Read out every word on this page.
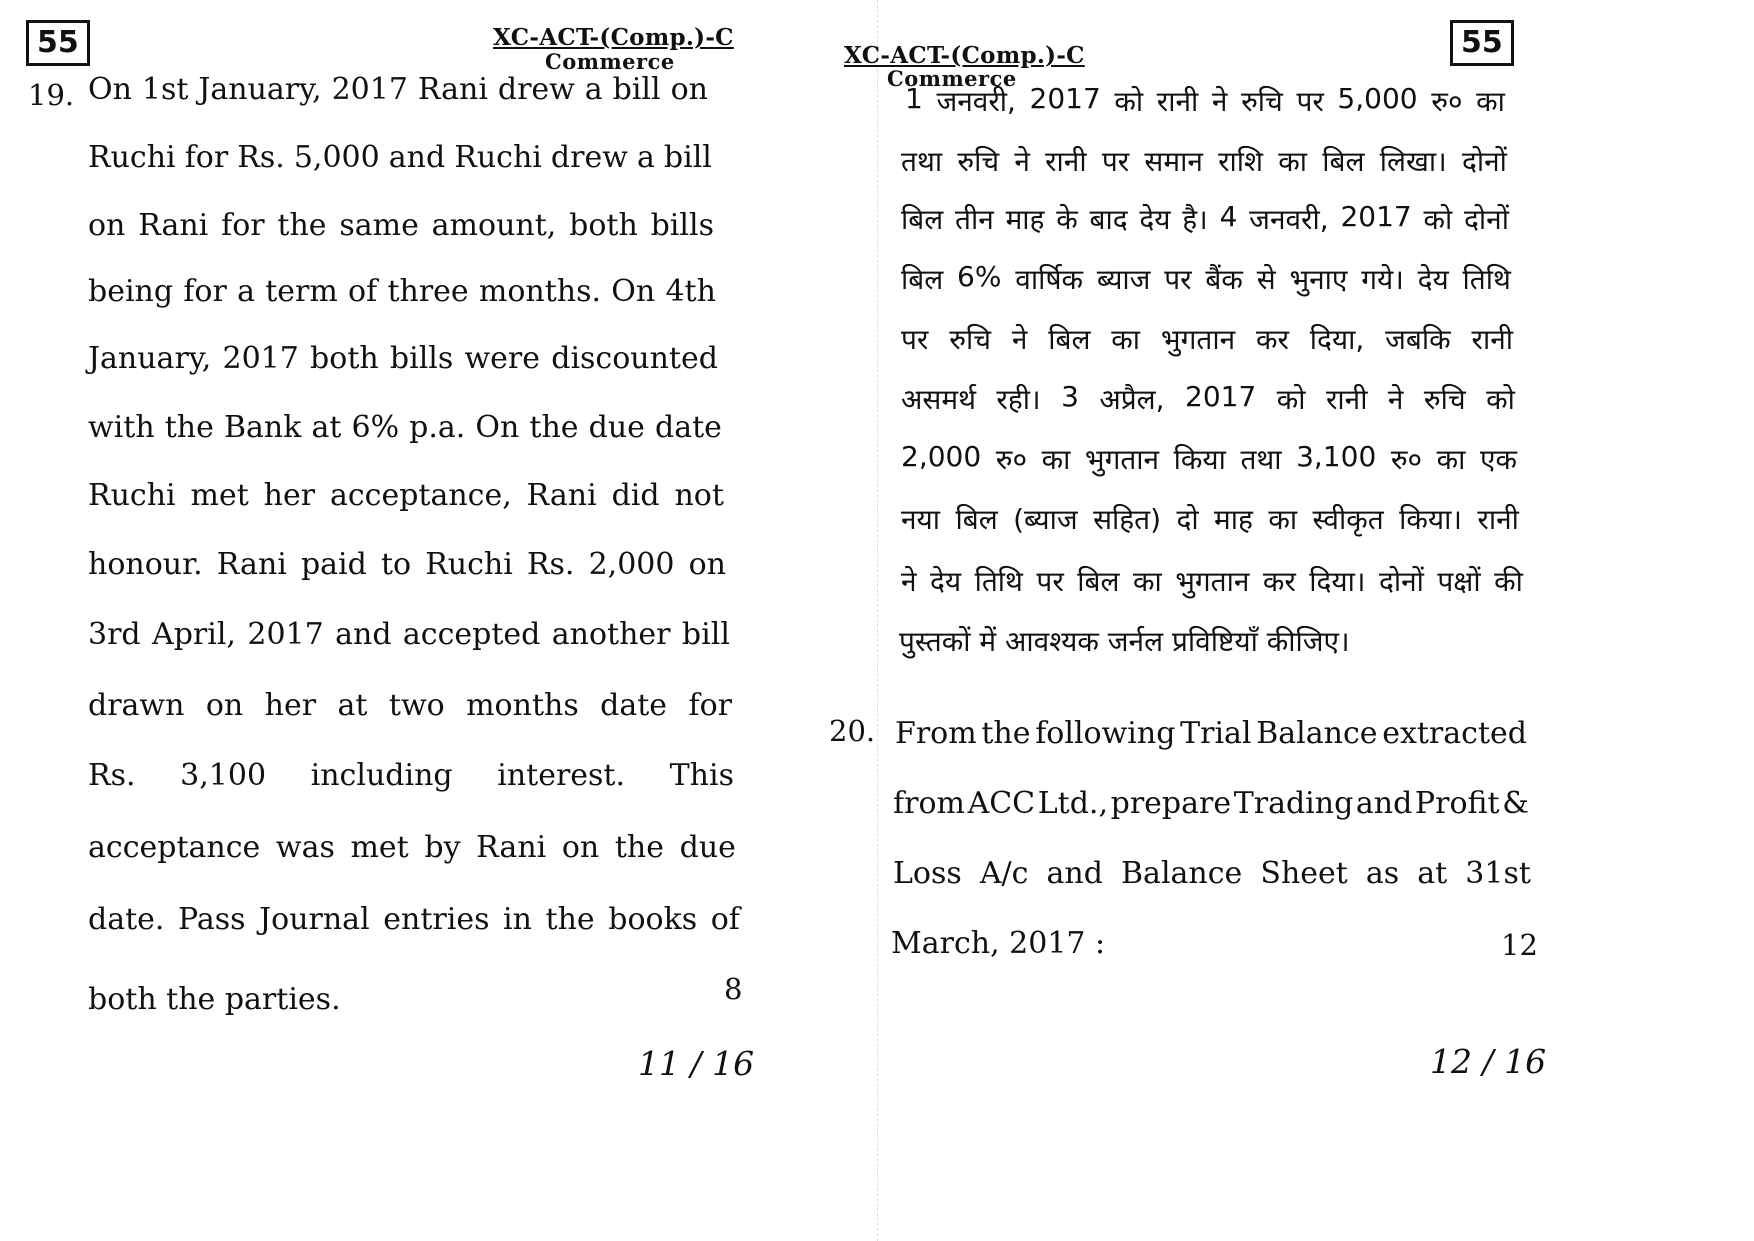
55	XC-ACT-(Comp.)-C
Commerce
19. On 1st January, 2017 Rani drew a bill on
Ruchi for Rs. 5,000 and Ruchi drew a bill
on Rani for the same amount, both bills
being for a term of three months. On 4th
January, 2017 both bills were discounted
with the Bank at 6% p.a. On the due date
Ruchi met her acceptance, Rani did not
honour. Rani paid to Ruchi Rs. 2,000 on
3rd April, 2017 and accepted another bill
drawn on her at two months date for
Rs. 3,100 including interest. This
acceptance was met by Rani on the due
date. Pass Journal entries in the books of
both the parties.	8
11 / 16
XC-ACT-(Comp.)-C
Commerce
55
1 जनवरी, 2017 को रानी ने रुचि पर 5,000 रु० का
तथा रुचि ने रानी पर समान राशि का बिल लिखा। दोनों
बिल तीन माह के बाद देय है। 4 जनवरी, 2017 को दोनों
बिल 6% वार्षिक ब्याज पर बैंक से भुनाए गये। देय तिथि
पर रुचि ने बिल का भुगतान कर दिया, जबकि रानी
असमर्थ रही। 3 अप्रैल, 2017 को रानी ने रुचि को
2,000 रु० का भुगतान किया तथा 3,100 रु० का एक
नया बिल (ब्याज सहित) दो माह का स्वीकृत किया। रानी
ने देय तिथि पर बिल का भुगतान कर दिया। दोनों पक्षों की
पुस्तकों में आवश्यक जर्नल प्रविष्टियाँ कीजिए।
20. From the following Trial Balance extracted
from ACC Ltd., prepare Trading and Profit &
Loss A/c and Balance Sheet as at 31st
March, 2017 :	12
12 / 16
